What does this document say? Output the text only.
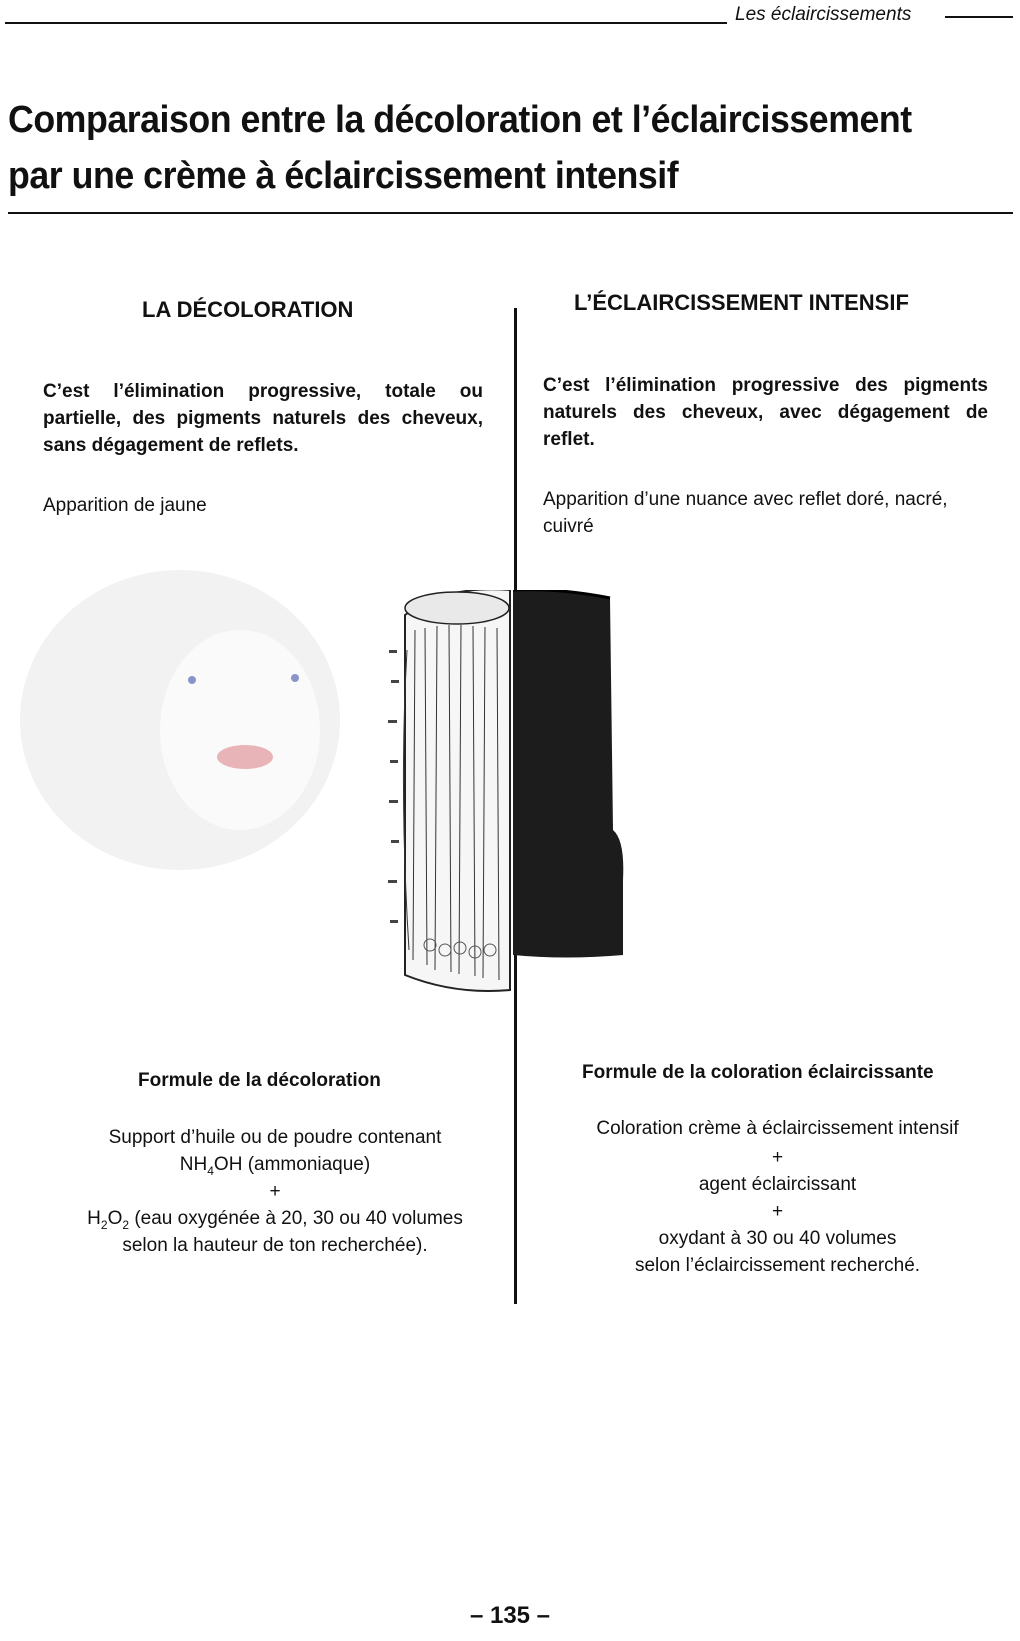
Les éclaircissements
Comparaison entre la décoloration et l’éclaircissement
par une crème à éclaircissement intensif
LA DÉCOLORATION
C’est l’élimination progressive, totale ou partielle, des pigments naturels des cheveux, sans dégagement de reflets.
Apparition de jaune
L’ÉCLAIRCISSEMENT INTENSIF
C’est l’élimination progressive des pigments naturels des cheveux, avec dégagement de reflet.
Apparition d’une nuance avec reflet doré, nacré, cuivré
Formule de la décoloration
Support d’huile ou de poudre contenant
$NH_4OH$ (ammoniaque)
+
$H_2O_2$ (eau oxygénée à 20, 30 ou 40 volumes
selon la hauteur de ton recherchée).
Formule de la coloration éclaircissante
Coloration crème à éclaircissement intensif
+
agent éclaircissant
+
oxydant à 30 ou 40 volumes
selon l’éclaircissement recherché.
– 135 –
